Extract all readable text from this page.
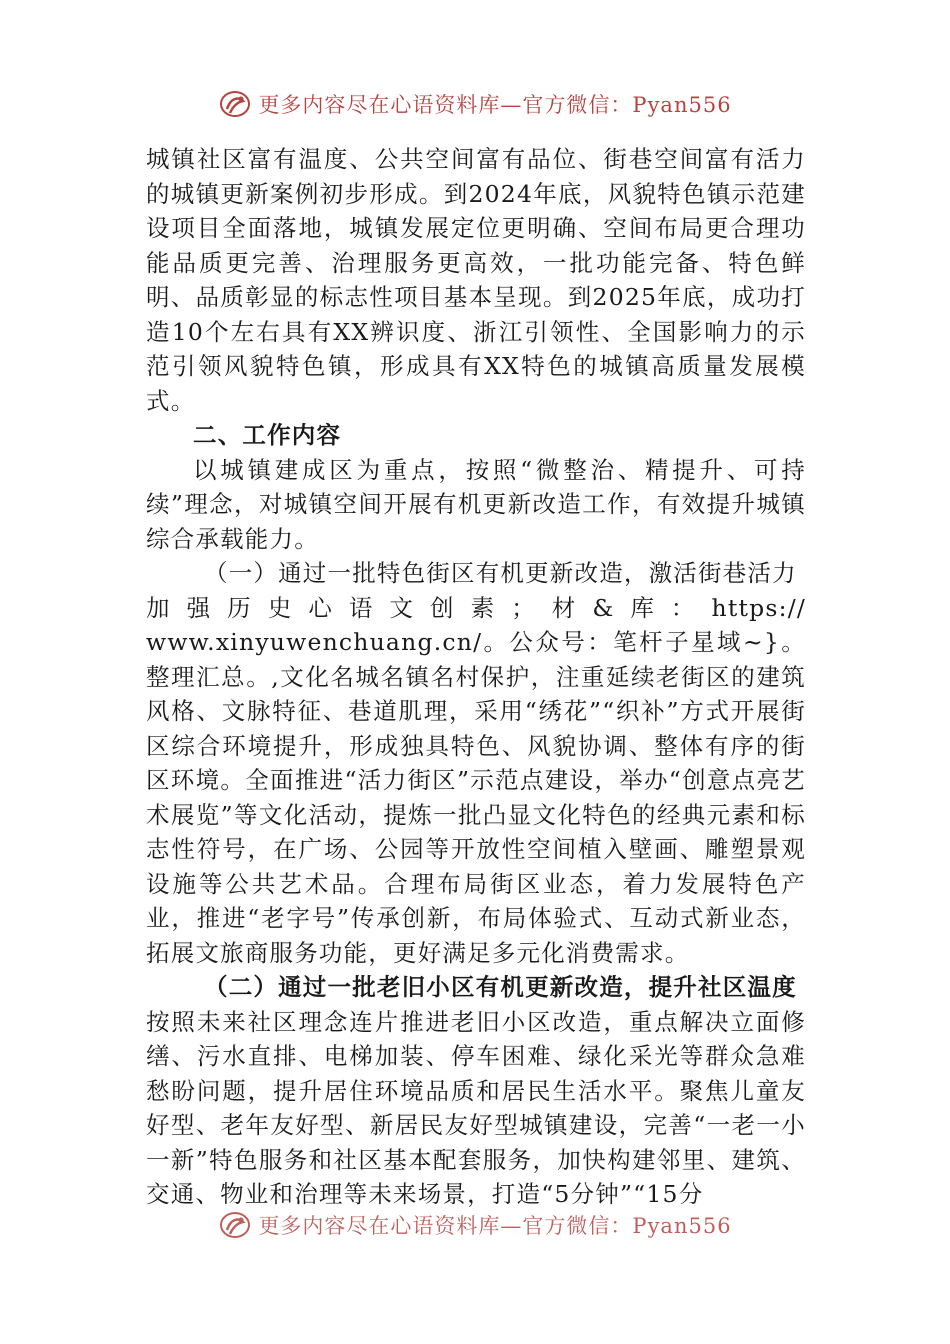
更多内容尽在心语资料库—官方微信：Pyan556

城镇社区富有温度、公共空间富有品位、街巷空间富有活力的城镇更新案例初步形成。到2024年底，风貌特色镇示范建设项目全面落地，城镇发展定位更明确、空间布局更合理功能品质更完善、治理服务更高效，一批功能完备、特色鲜明、品质彰显的标志性项目基本呈现。到2025年底，成功打造10个左右具有XX辨识度、浙江引领性、全国影响力的示范引领风貌特色镇，形成具有XX特色的城镇高质量发展模式。

二、工作内容

以城镇建成区为重点，按照“微整治、精提升、可持续”理念，对城镇空间开展有机更新改造工作，有效提升城镇综合承载能力。

（一）通过一批特色街区有机更新改造，激活街巷活力

加强历史心语文创素；材&库：https://

www.xinyuwenchuang.cn/。公众号：笔杆子星域~}。整理汇总。,文化名城名镇名村保护，注重延续老街区的建筑风格、文脉特征、巷道肌理，采用“绣花”“织补”方式开展街区综合环境提升，形成独具特色、风貌协调、整体有序的街区环境。全面推进“活力街区”示范点建设，举办“创意点亮艺术展览”等文化活动，提炼一批凸显文化特色的经典元素和标志性符号，在广场、公园等开放性空间植入壁画、雕塑景观设施等公共艺术品。合理布局街区业态，着力发展特色产业，推进“老字号”传承创新，布局体验式、互动式新业态，拓展文旅商服务功能，更好满足多元化消费需求。

（二）通过一批老旧小区有机更新改造，提升社区温度

按照未来社区理念连片推进老旧小区改造，重点解决立面修缮、污水直排、电梯加装、停车困难、绿化采光等群众急难愁盼问题，提升居住环境品质和居民生活水平。聚焦儿童友好型、老年友好型、新居民友好型城镇建设，完善“一老一小一新”特色服务和社区基本配套服务，加快构建邻里、建筑、交通、物业和治理等未来场景，打造“5分钟”“15分

更多内容尽在心语资料库—官方微信：Pyan556
